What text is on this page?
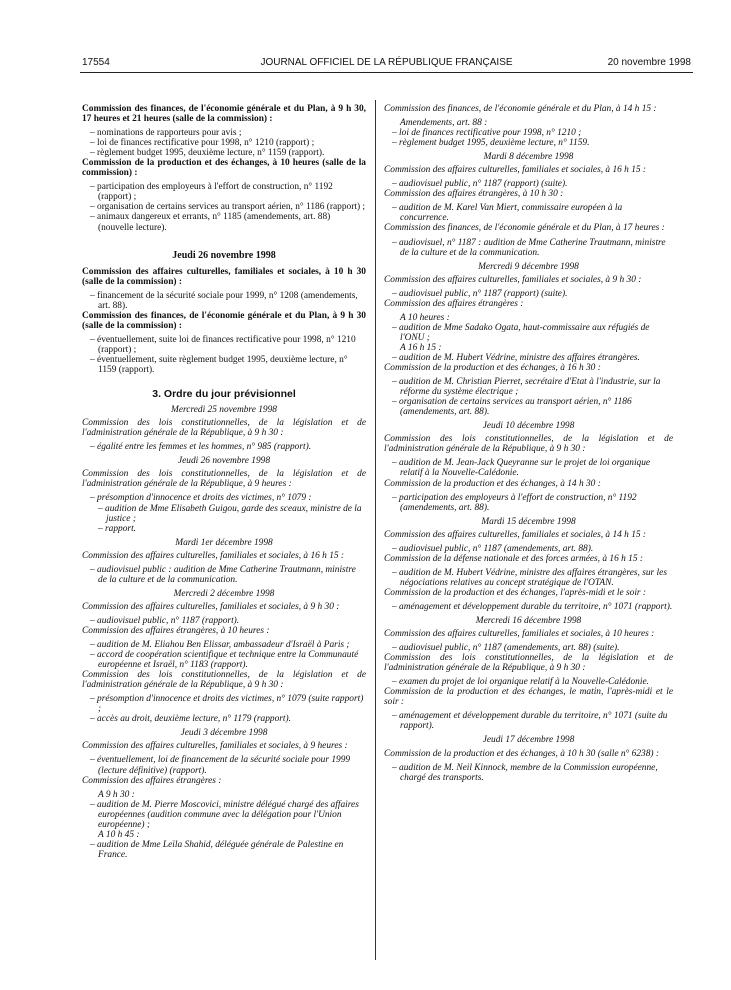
17554	JOURNAL OFFICIEL DE LA RÉPUBLIQUE FRANÇAISE	20 novembre 1998
Commission des finances, de l'économie générale et du Plan, à 9 h 30, 17 heures et 21 heures (salle de la commission) :
– nominations de rapporteurs pour avis ;
– loi de finances rectificative pour 1998, n° 1210 (rapport) ;
– règlement budget 1995, deuxième lecture, n° 1159 (rapport).
Commission de la production et des échanges, à 10 heures (salle de la commission) :
– participation des employeurs à l'effort de construction, n° 1192 (rapport) ;
– organisation de certains services au transport aérien, n° 1186 (rapport) ;
– animaux dangereux et errants, n° 1185 (amendements, art. 88) (nouvelle lecture).
Jeudi 26 novembre 1998
Commission des affaires culturelles, familiales et sociales, à 10 h 30 (salle de la commission) :
– financement de la sécurité sociale pour 1999, n° 1208 (amendements, art. 88).
Commission des finances, de l'économie générale et du Plan, à 9 h 30 (salle de la commission) :
– éventuellement, suite loi de finances rectificative pour 1998, n° 1210 (rapport) ;
– éventuellement, suite règlement budget 1995, deuxième lecture, n° 1159 (rapport).
3. Ordre du jour prévisionnel
Mercredi 25 novembre 1998
Commission des lois constitutionnelles, de la législation et de l'administration générale de la République, à 9 h 30 :
– égalité entre les femmes et les hommes, n° 985 (rapport).
Jeudi 26 novembre 1998
Commission des lois constitutionnelles, de la législation et de l'administration générale de la République, à 9 heures :
– présomption d'innocence et droits des victimes, n° 1079 :
– audition de Mme Elisabeth Guigou, garde des sceaux, ministre de la justice ;
– rapport.
Mardi 1er décembre 1998
Commission des affaires culturelles, familiales et sociales, à 16 h 15 :
– audiovisuel public : audition de Mme Catherine Trautmann, ministre de la culture et de la communication.
Mercredi 2 décembre 1998
Commission des affaires culturelles, familiales et sociales, à 9 h 30 :
– audiovisuel public, n° 1187 (rapport).
Commission des affaires étrangères, à 10 heures :
– audition de M. Eliahou Ben Elissar, ambassadeur d'Israël à Paris ;
– accord de coopération scientifique et technique entre la Communauté européenne et Israël, n° 1183 (rapport).
Commission des lois constitutionnelles, de la législation et de l'administration générale de la République, à 9 h 30 :
– présomption d'innocence et droits des victimes, n° 1079 (suite rapport) ;
– accès au droit, deuxième lecture, n° 1179 (rapport).
Jeudi 3 décembre 1998
Commission des affaires culturelles, familiales et sociales, à 9 heures :
– éventuellement, loi de financement de la sécurité sociale pour 1999 (lecture définitive) (rapport).
Commission des affaires étrangères :
A 9 h 30 :
– audition de M. Pierre Moscovici, ministre délégué chargé des affaires européennes (audition commune avec la délégation pour l'Union européenne) ;
A 10 h 45 :
– audition de Mme Leïla Shahid, déléguée générale de Palestine en France.
Commission des finances, de l'économie générale et du Plan, à 14 h 15 :
Amendements, art. 88 :
– loi de finances rectificative pour 1998, n° 1210 ;
– règlement budget 1995, deuxième lecture, n° 1159.
Mardi 8 décembre 1998
Commission des affaires culturelles, familiales et sociales, à 16 h 15 :
– audiovisuel public, n° 1187 (rapport) (suite).
Commission des affaires étrangères, à 10 h 30 :
– audition de M. Karel Van Miert, commissaire européen à la concurrence.
Commission des finances, de l'économie générale et du Plan, à 17 heures :
– audiovisuel, n° 1187 : audition de Mme Catherine Trautmann, ministre de la culture et de la communication.
Mercredi 9 décembre 1998
Commission des affaires culturelles, familiales et sociales, à 9 h 30 :
– audiovisuel public, n° 1187 (rapport) (suite).
Commission des affaires étrangères :
A 10 heures :
– audition de Mme Sadako Ogata, haut-commissaire aux réfugiés de l'ONU ;
A 16 h 15 :
– audition de M. Hubert Védrine, ministre des affaires étrangères.
Commission de la production et des échanges, à 16 h 30 :
– audition de M. Christian Pierret, secrétaire d'Etat à l'industrie, sur la réforme du système électrique ;
– organisation de certains services au transport aérien, n° 1186 (amendements, art. 88).
Jeudi 10 décembre 1998
Commission des lois constitutionnelles, de la législation et de l'administration générale de la République, à 9 h 30 :
– audition de M. Jean-Jack Queyranne sur le projet de loi organique relatif à la Nouvelle-Calédonie.
Commission de la production et des échanges, à 14 h 30 :
– participation des employeurs à l'effort de construction, n° 1192 (amendements, art. 88).
Mardi 15 décembre 1998
Commission des affaires culturelles, familiales et sociales, à 14 h 15 :
– audiovisuel public, n° 1187 (amendements, art. 88).
Commission de la défense nationale et des forces armées, à 16 h 15 :
– audition de M. Hubert Védrine, ministre des affaires étrangères, sur les négociations relatives au concept stratégique de l'OTAN.
Commission de la production et des échanges, l'après-midi et le soir :
– aménagement et développement durable du territoire, n° 1071 (rapport).
Mercredi 16 décembre 1998
Commission des affaires culturelles, familiales et sociales, à 10 heures :
– audiovisuel public, n° 1187 (amendements, art. 88) (suite).
Commission des lois constitutionnelles, de la législation et de l'administration générale de la République, à 9 h 30 :
– examen du projet de loi organique relatif à la Nouvelle-Calédonie.
Commission de la production et des échanges, le matin, l'après-midi et le soir :
– aménagement et développement durable du territoire, n° 1071 (suite du rapport).
Jeudi 17 décembre 1998
Commission de la production et des échanges, à 10 h 30 (salle n° 6238) :
– audition de M. Neil Kinnock, membre de la Commission européenne, chargé des transports.
